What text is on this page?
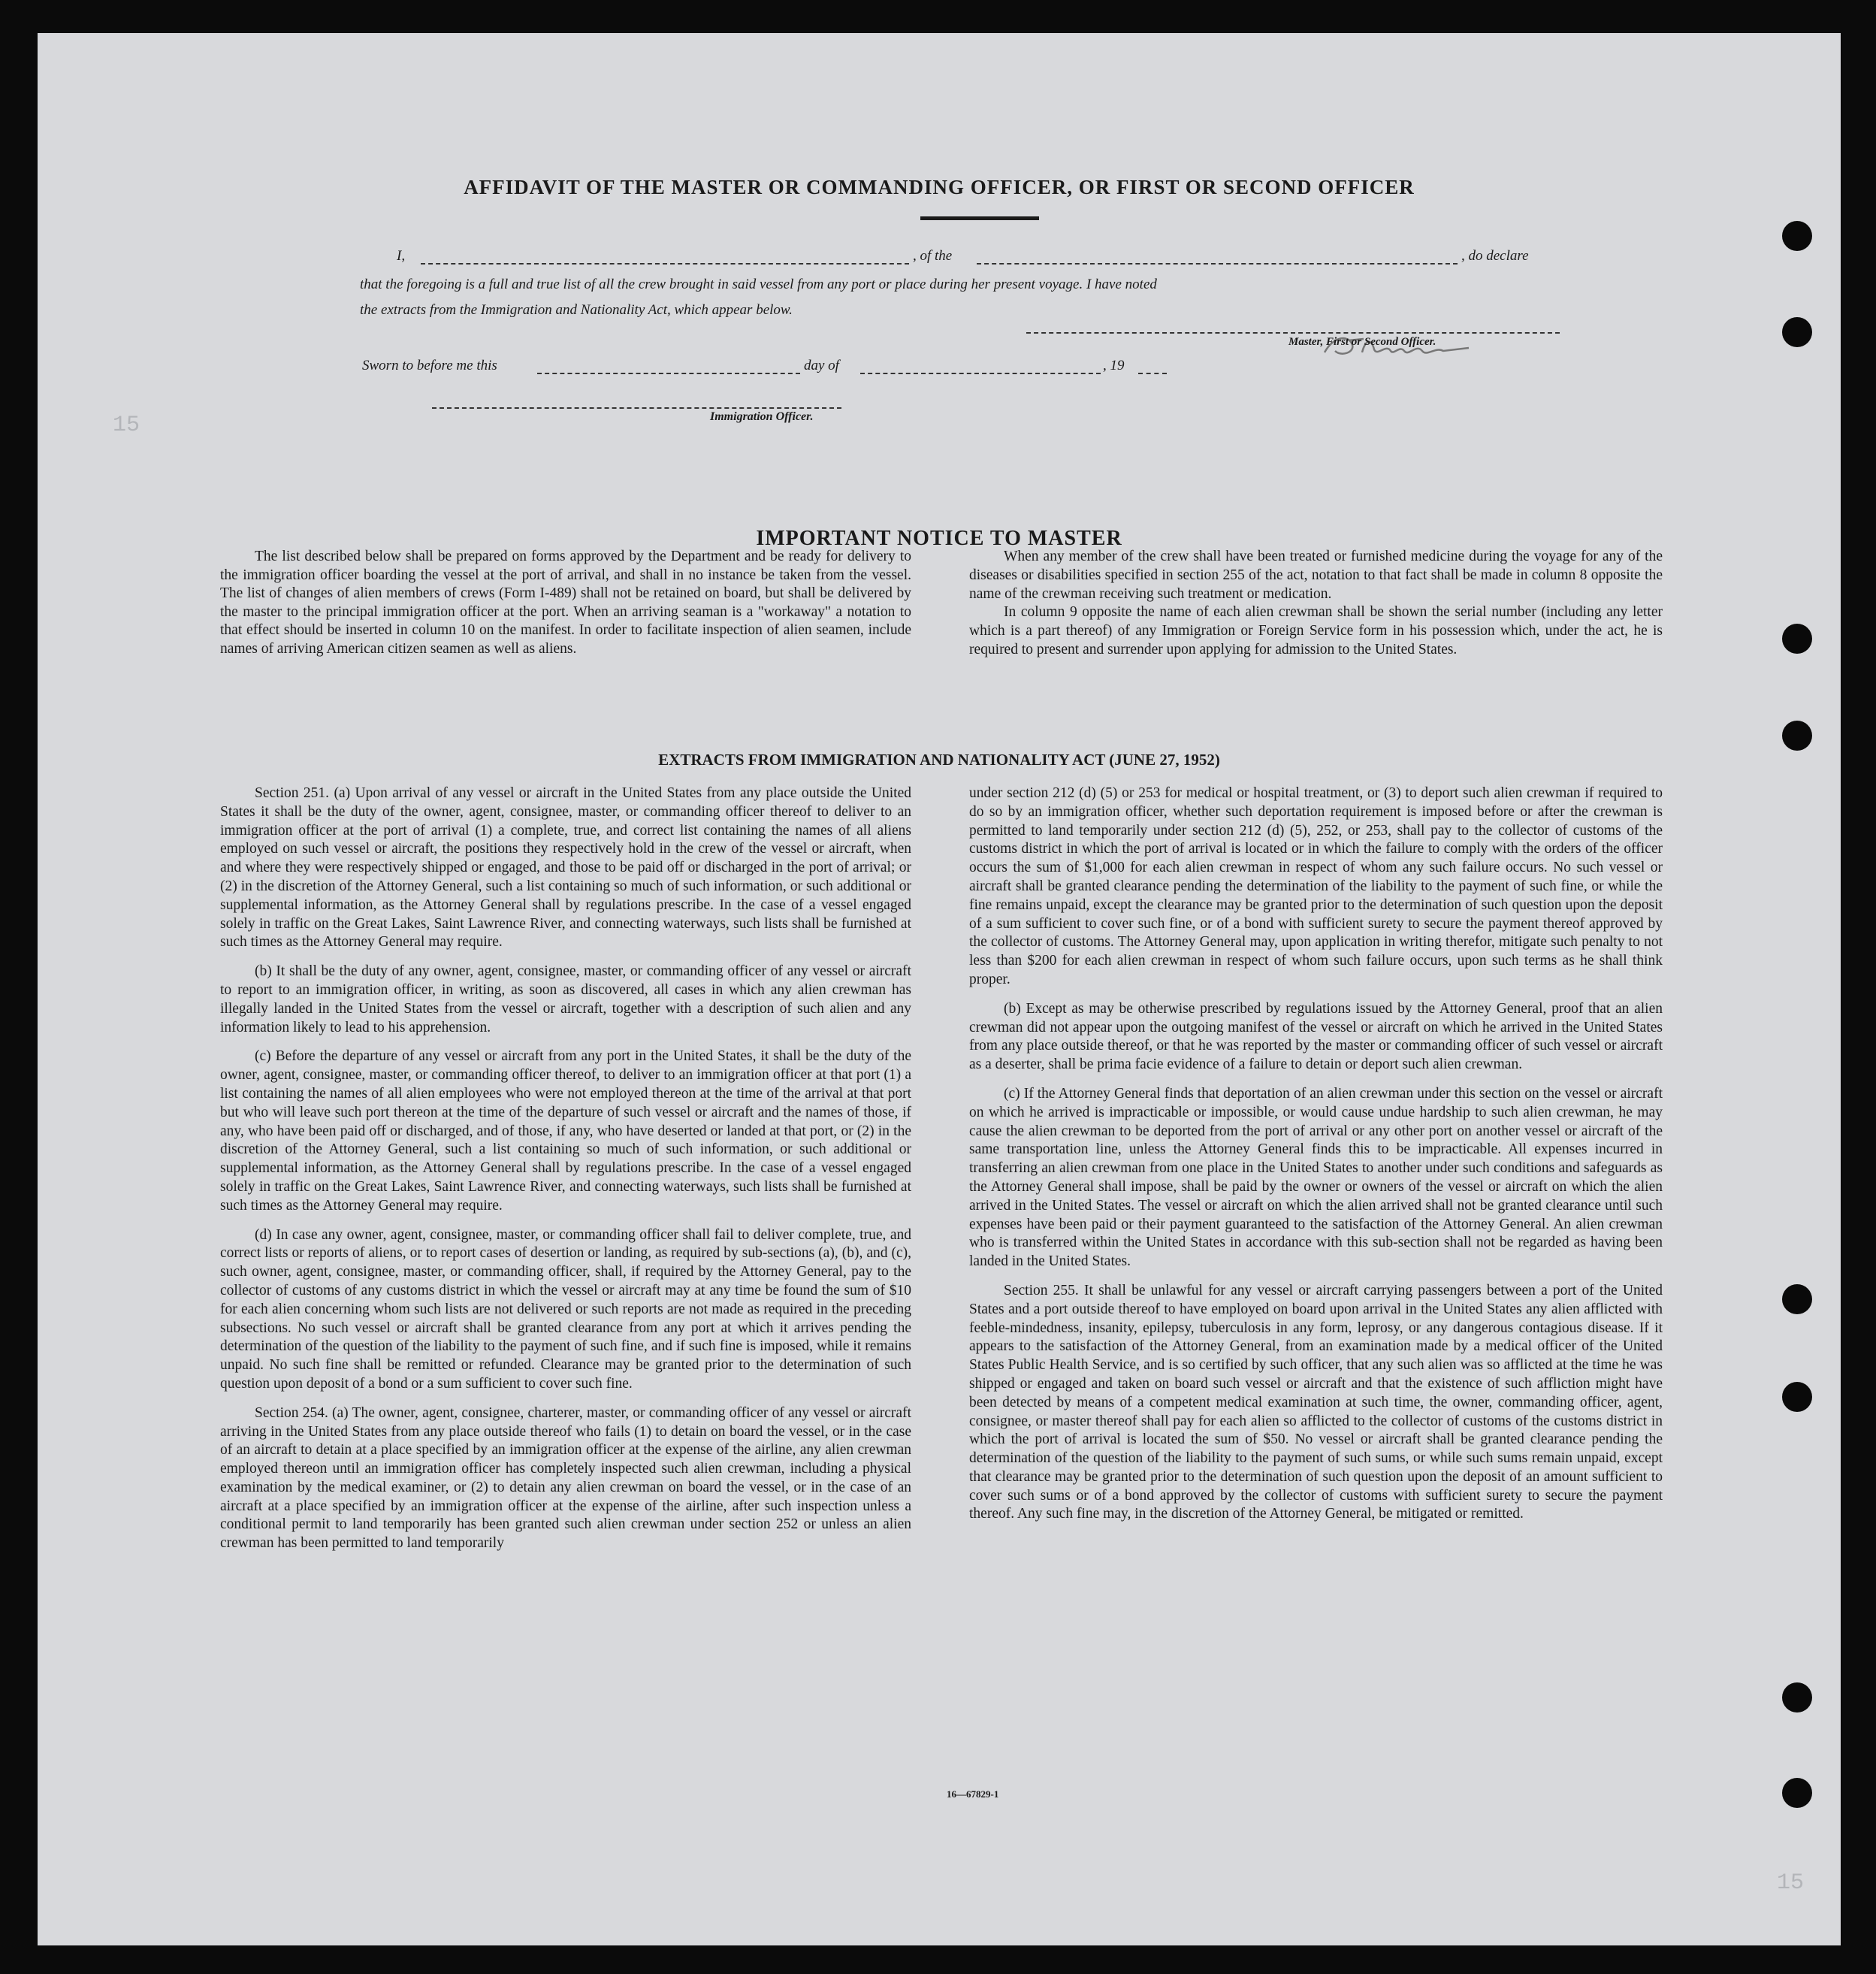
15
15
AFFIDAVIT OF THE MASTER OR COMMANDING OFFICER, OR FIRST OR SECOND OFFICER
I,	, of the	, do declare
that the foregoing is a full and true list of all the crew brought in said vessel from any port or place during her present voyage. I have noted
the extracts from the Immigration and Nationality Act, which appear below.
Master, First or Second Officer.
Sworn to before me this	day of	, 19
Immigration Officer.
IMPORTANT NOTICE TO MASTER

The list described below shall be prepared on forms approved by the Department and be ready for delivery to the immigration officer boarding the vessel at the port of arrival, and shall in no instance be taken from the vessel. The list of changes of alien members of crews (Form I-489) shall not be retained on board, but shall be delivered by the master to the principal immigration officer at the port. When an arriving seaman is a "workaway" a notation to that effect should be inserted in column 10 on the manifest. In order to facilitate inspection of alien seamen, include names of arriving American citizen seamen as well as aliens.

When any member of the crew shall have been treated or furnished medicine during the voyage for any of the diseases or disabilities specified in section 255 of the act, notation to that fact shall be made in column 8 opposite the name of the crewman receiving such treatment or medication.

In column 9 opposite the name of each alien crewman shall be shown the serial number (including any letter which is a part thereof) of any Immigration or Foreign Service form in his possession which, under the act, he is required to present and surrender upon applying for admission to the United States.

EXTRACTS FROM IMMIGRATION AND NATIONALITY ACT (JUNE 27, 1952)

Section 251. (a) Upon arrival of any vessel or aircraft in the United States from any place outside the United States it shall be the duty of the owner, agent, consignee, master, or commanding officer thereof to deliver to an immigration officer at the port of arrival (1) a complete, true, and correct list containing the names of all aliens employed on such vessel or aircraft, the positions they respectively hold in the crew of the vessel or aircraft, when and where they were respectively shipped or engaged, and those to be paid off or discharged in the port of arrival; or (2) in the discretion of the Attorney General, such a list containing so much of such information, or such additional or supplemental information, as the Attorney General shall by regulations prescribe. In the case of a vessel engaged solely in traffic on the Great Lakes, Saint Lawrence River, and connecting waterways, such lists shall be furnished at such times as the Attorney General may require.

(b) It shall be the duty of any owner, agent, consignee, master, or commanding officer of any vessel or aircraft to report to an immigration officer, in writing, as soon as discovered, all cases in which any alien crewman has illegally landed in the United States from the vessel or aircraft, together with a description of such alien and any information likely to lead to his apprehension.

(c) Before the departure of any vessel or aircraft from any port in the United States, it shall be the duty of the owner, agent, consignee, master, or commanding officer thereof, to deliver to an immigration officer at that port (1) a list containing the names of all alien employees who were not employed thereon at the time of the arrival at that port but who will leave such port thereon at the time of the departure of such vessel or aircraft and the names of those, if any, who have been paid off or discharged, and of those, if any, who have deserted or landed at that port, or (2) in the discretion of the Attorney General, such a list containing so much of such information, or such additional or supplemental information, as the Attorney General shall by regulations prescribe. In the case of a vessel engaged solely in traffic on the Great Lakes, Saint Lawrence River, and connecting waterways, such lists shall be furnished at such times as the Attorney General may require.

(d) In case any owner, agent, consignee, master, or commanding officer shall fail to deliver complete, true, and correct lists or reports of aliens, or to report cases of desertion or landing, as required by sub-sections (a), (b), and (c), such owner, agent, consignee, master, or commanding officer, shall, if required by the Attorney General, pay to the collector of customs of any customs district in which the vessel or aircraft may at any time be found the sum of $10 for each alien concerning whom such lists are not delivered or such reports are not made as required in the preceding subsections. No such vessel or aircraft shall be granted clearance from any port at which it arrives pending the determination of the question of the liability to the payment of such fine, and if such fine is imposed, while it remains unpaid. No such fine shall be remitted or refunded. Clearance may be granted prior to the determination of such question upon deposit of a bond or a sum sufficient to cover such fine.

Section 254. (a) The owner, agent, consignee, charterer, master, or commanding officer of any vessel or aircraft arriving in the United States from any place outside thereof who fails (1) to detain on board the vessel, or in the case of an aircraft to detain at a place specified by an immigration officer at the expense of the airline, any alien crewman employed thereon until an immigration officer has completely inspected such alien crewman, including a physical examination by the medical examiner, or (2) to detain any alien crewman on board the vessel, or in the case of an aircraft at a place specified by an immigration officer at the expense of the airline, after such inspection unless a conditional permit to land temporarily has been granted such alien crewman under section 252 or unless an alien crewman has been permitted to land temporarily

under section 212 (d) (5) or 253 for medical or hospital treatment, or (3) to deport such alien crewman if required to do so by an immigration officer, whether such deportation requirement is imposed before or after the crewman is permitted to land temporarily under section 212 (d) (5), 252, or 253, shall pay to the collector of customs of the customs district in which the port of arrival is located or in which the failure to comply with the orders of the officer occurs the sum of $1,000 for each alien crewman in respect of whom any such failure occurs. No such vessel or aircraft shall be granted clearance pending the determination of the liability to the payment of such fine, or while the fine remains unpaid, except the clearance may be granted prior to the determination of such question upon the deposit of a sum sufficient to cover such fine, or of a bond with sufficient surety to secure the payment thereof approved by the collector of customs. The Attorney General may, upon application in writing therefor, mitigate such penalty to not less than $200 for each alien crewman in respect of whom such failure occurs, upon such terms as he shall think proper.

(b) Except as may be otherwise prescribed by regulations issued by the Attorney General, proof that an alien crewman did not appear upon the outgoing manifest of the vessel or aircraft on which he arrived in the United States from any place outside thereof, or that he was reported by the master or commanding officer of such vessel or aircraft as a deserter, shall be prima facie evidence of a failure to detain or deport such alien crewman.

(c) If the Attorney General finds that deportation of an alien crewman under this section on the vessel or aircraft on which he arrived is impracticable or impossible, or would cause undue hardship to such alien crewman, he may cause the alien crewman to be deported from the port of arrival or any other port on another vessel or aircraft of the same transportation line, unless the Attorney General finds this to be impracticable. All expenses incurred in transferring an alien crewman from one place in the United States to another under such conditions and safeguards as the Attorney General shall impose, shall be paid by the owner or owners of the vessel or aircraft on which the alien arrived in the United States. The vessel or aircraft on which the alien arrived shall not be granted clearance until such expenses have been paid or their payment guaranteed to the satisfaction of the Attorney General. An alien crewman who is transferred within the United States in accordance with this sub-section shall not be regarded as having been landed in the United States.

Section 255. It shall be unlawful for any vessel or aircraft carrying passengers between a port of the United States and a port outside thereof to have employed on board upon arrival in the United States any alien afflicted with feeble-mindedness, insanity, epilepsy, tuberculosis in any form, leprosy, or any dangerous contagious disease. If it appears to the satisfaction of the Attorney General, from an examination made by a medical officer of the United States Public Health Service, and is so certified by such officer, that any such alien was so afflicted at the time he was shipped or engaged and taken on board such vessel or aircraft and that the existence of such affliction might have been detected by means of a competent medical examination at such time, the owner, commanding officer, agent, consignee, or master thereof shall pay for each alien so afflicted to the collector of customs of the customs district in which the port of arrival is located the sum of $50. No vessel or aircraft shall be granted clearance pending the determination of the question of the liability to the payment of such sums, or while such sums remain unpaid, except that clearance may be granted prior to the determination of such question upon the deposit of an amount sufficient to cover such sums or of a bond approved by the collector of customs with sufficient surety to secure the payment thereof. Any such fine may, in the discretion of the Attorney General, be mitigated or remitted.

16—67829-1
